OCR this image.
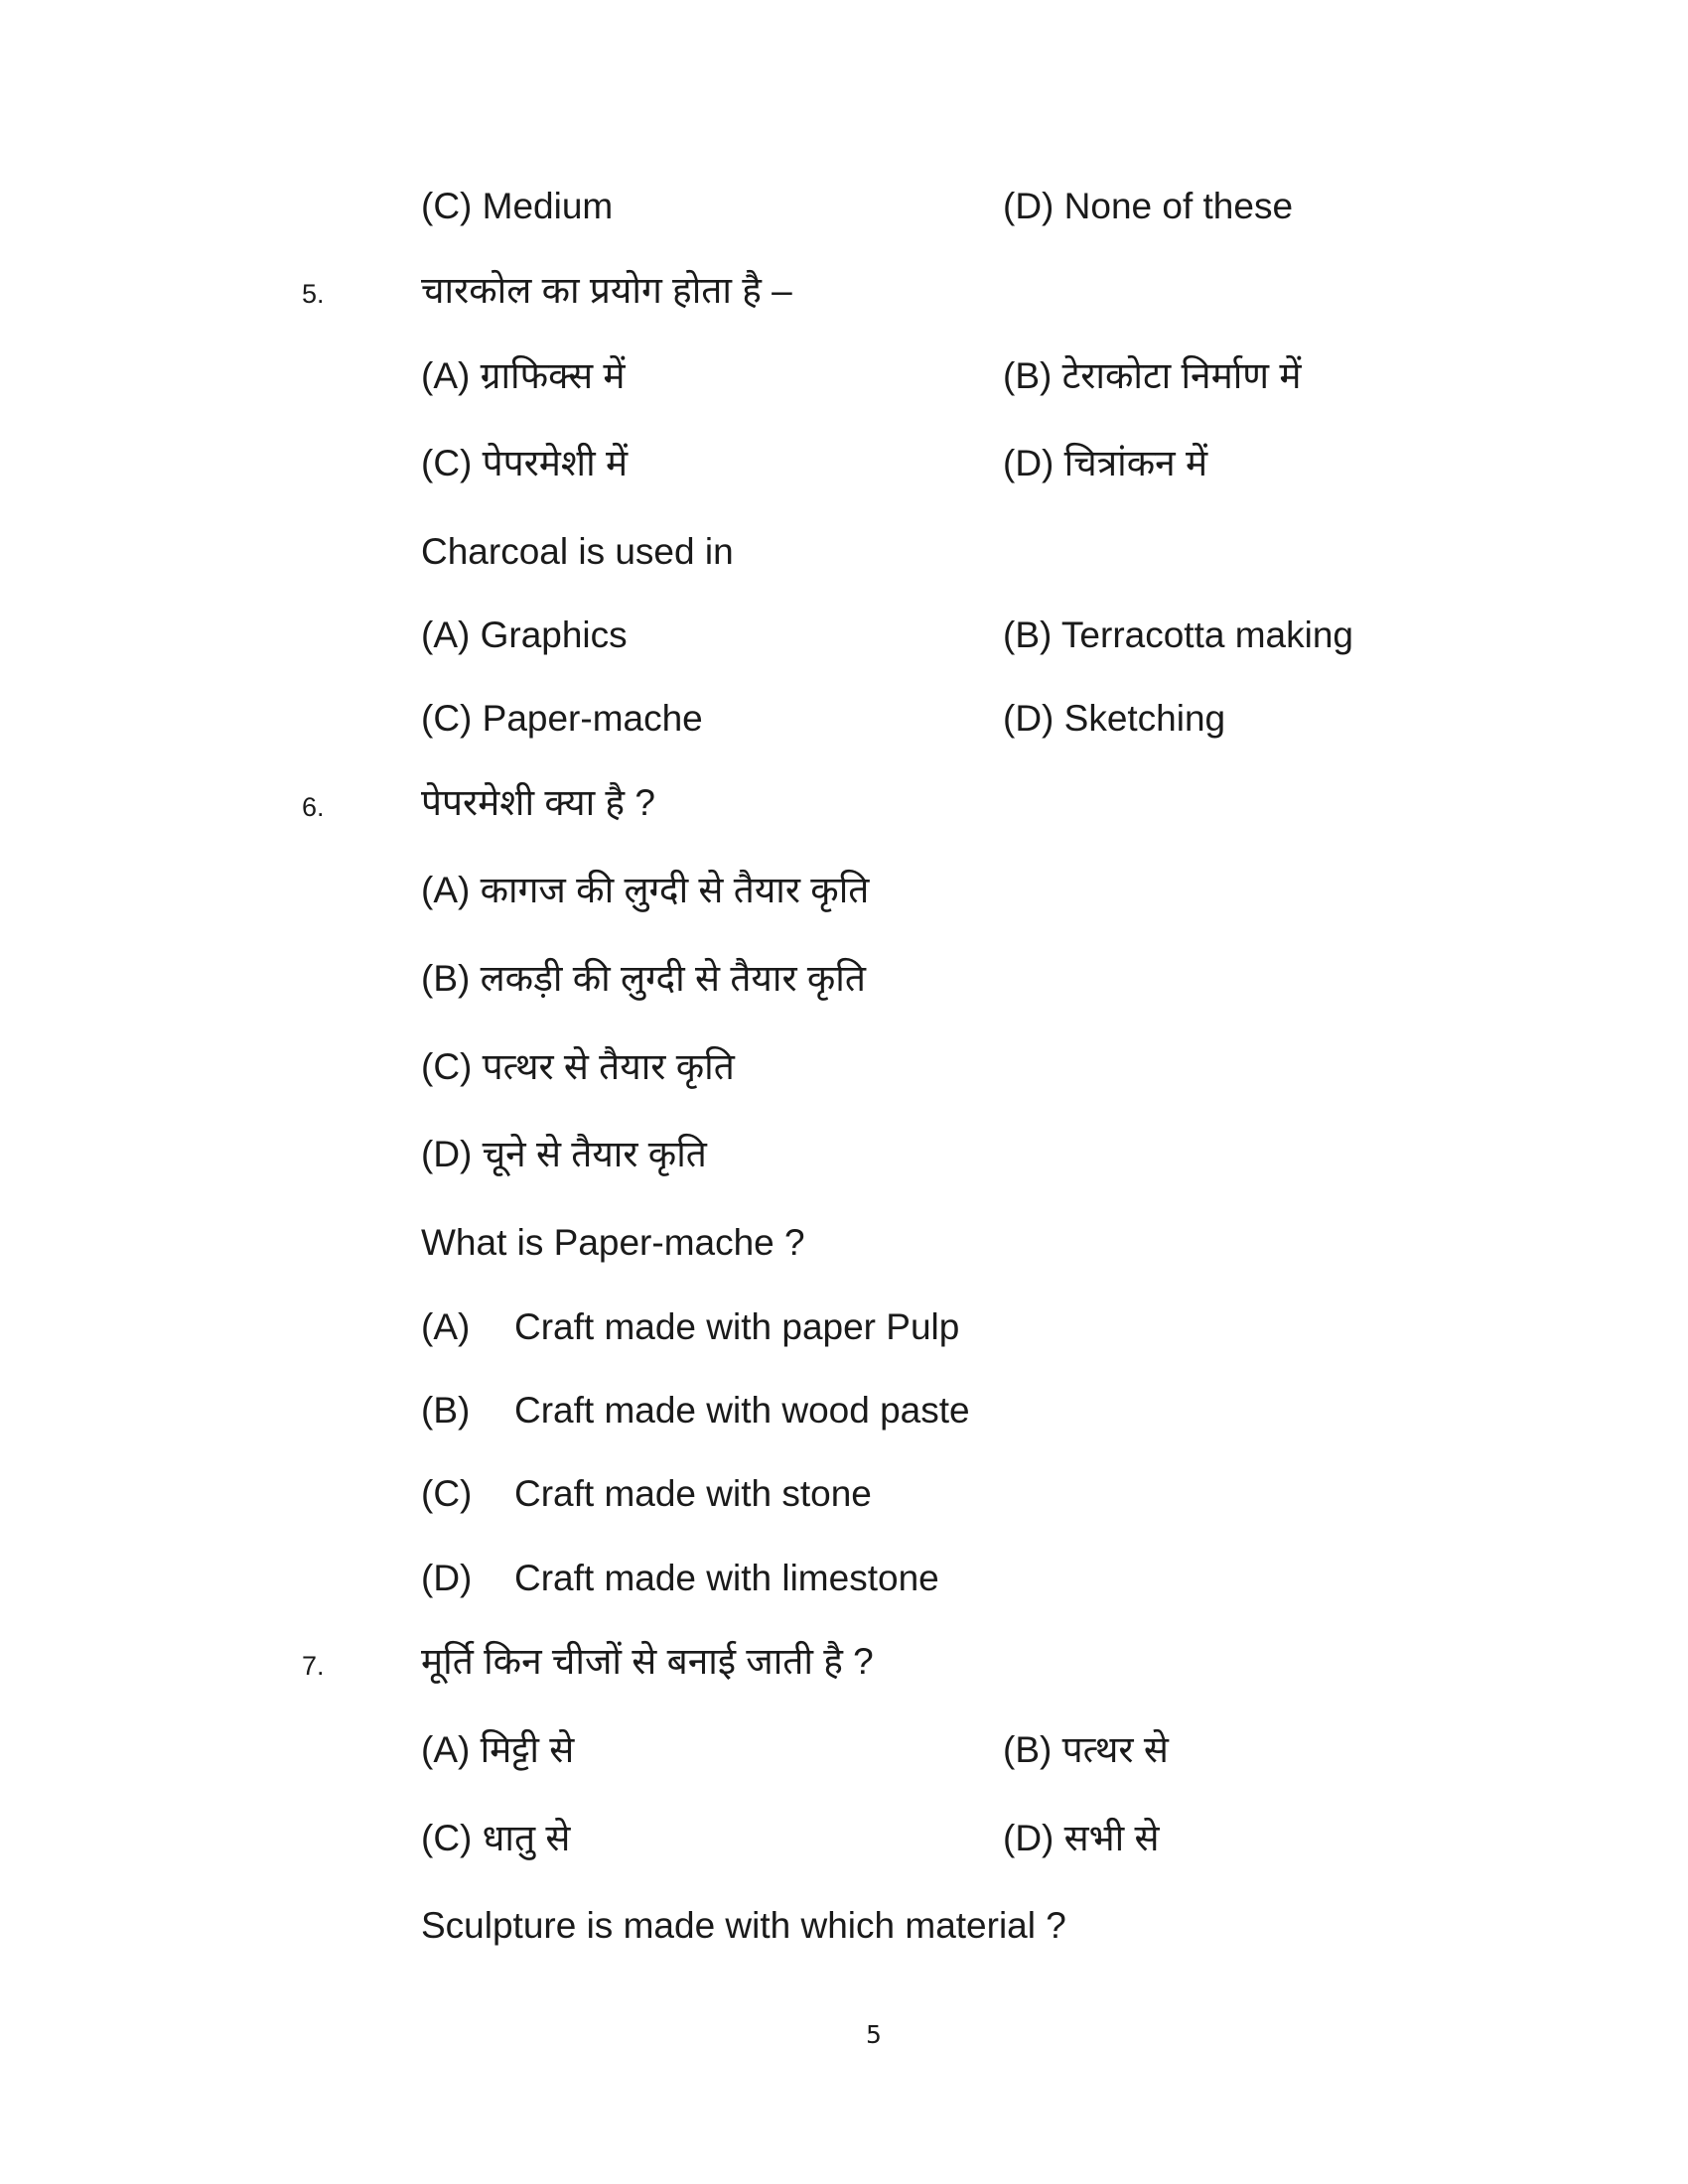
(C) Medium	(D) None of these
5.	चारकोल का प्रयोग होता है –
(A) ग्राफिक्स में	(B) टेराकोटा निर्माण में
(C) पेपरमेशी में	(D) चित्रांकन में
Charcoal is used in
(A) Graphics	(B) Terracotta making
(C) Paper-mache	(D) Sketching
6.	पेपरमेशी क्या है ?
(A) कागज की लुग्दी से तैयार कृति
(B) लकड़ी की लुग्दी से तैयार कृति
(C) पत्थर से तैयार कृति
(D) चूने से तैयार कृति
What is Paper-mache ?
(A) Craft made with paper Pulp
(B) Craft made with wood paste
(C) Craft made with stone
(D) Craft made with limestone
7.	मूर्ति किन चीजों से बनाई जाती है ?
(A) मिट्टी से	(B) पत्थर से
(C) धातु से	(D) सभी से
Sculpture is made with which material ?
5
